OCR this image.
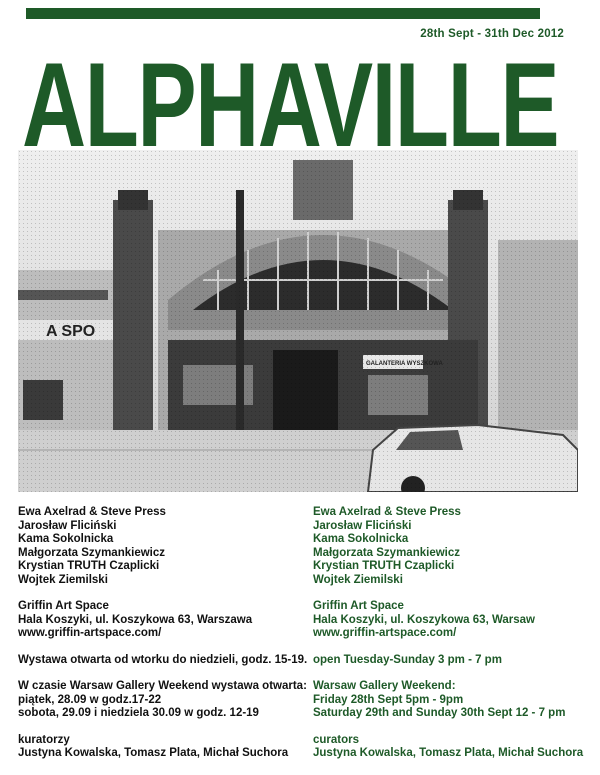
28th Sept - 31th Dec 2012
A SPO
GALANTERIA WYSZKOWA
ALPHAVILLE
Ewa Axelrad & Steve Press
Jarosław Fliciński
Kama Sokolnicka
Małgorzata Szymankiewicz
Krystian TRUTH Czaplicki
Wojtek Ziemilski
Griffin Art Space
Hala Koszyki, ul. Koszykowa 63, Warszawa
www.griffin-artspace.com/
Wystawa otwarta od wtorku do niedzieli, godz. 15-19.
W czasie Warsaw Gallery Weekend wystawa otwarta:
piątek, 28.09 w godz.17-22
sobota, 29.09 i niedziela 30.09 w godz. 12-19
kuratorzy
Justyna Kowalska, Tomasz Plata, Michał Suchora
Ewa Axelrad & Steve Press
Jarosław Fliciński
Kama Sokolnicka
Małgorzata Szymankiewicz
Krystian TRUTH Czaplicki
Wojtek Ziemilski
Griffin Art Space
Hala Koszyki, ul. Koszykowa 63, Warsaw
www.griffin-artspace.com/
open Tuesday-Sunday 3 pm - 7 pm
Warsaw Gallery Weekend:
Friday 28th Sept 5pm - 9pm
Saturday 29th and Sunday 30th Sept 12 - 7 pm
curators
Justyna Kowalska, Tomasz Plata, Michał Suchora
